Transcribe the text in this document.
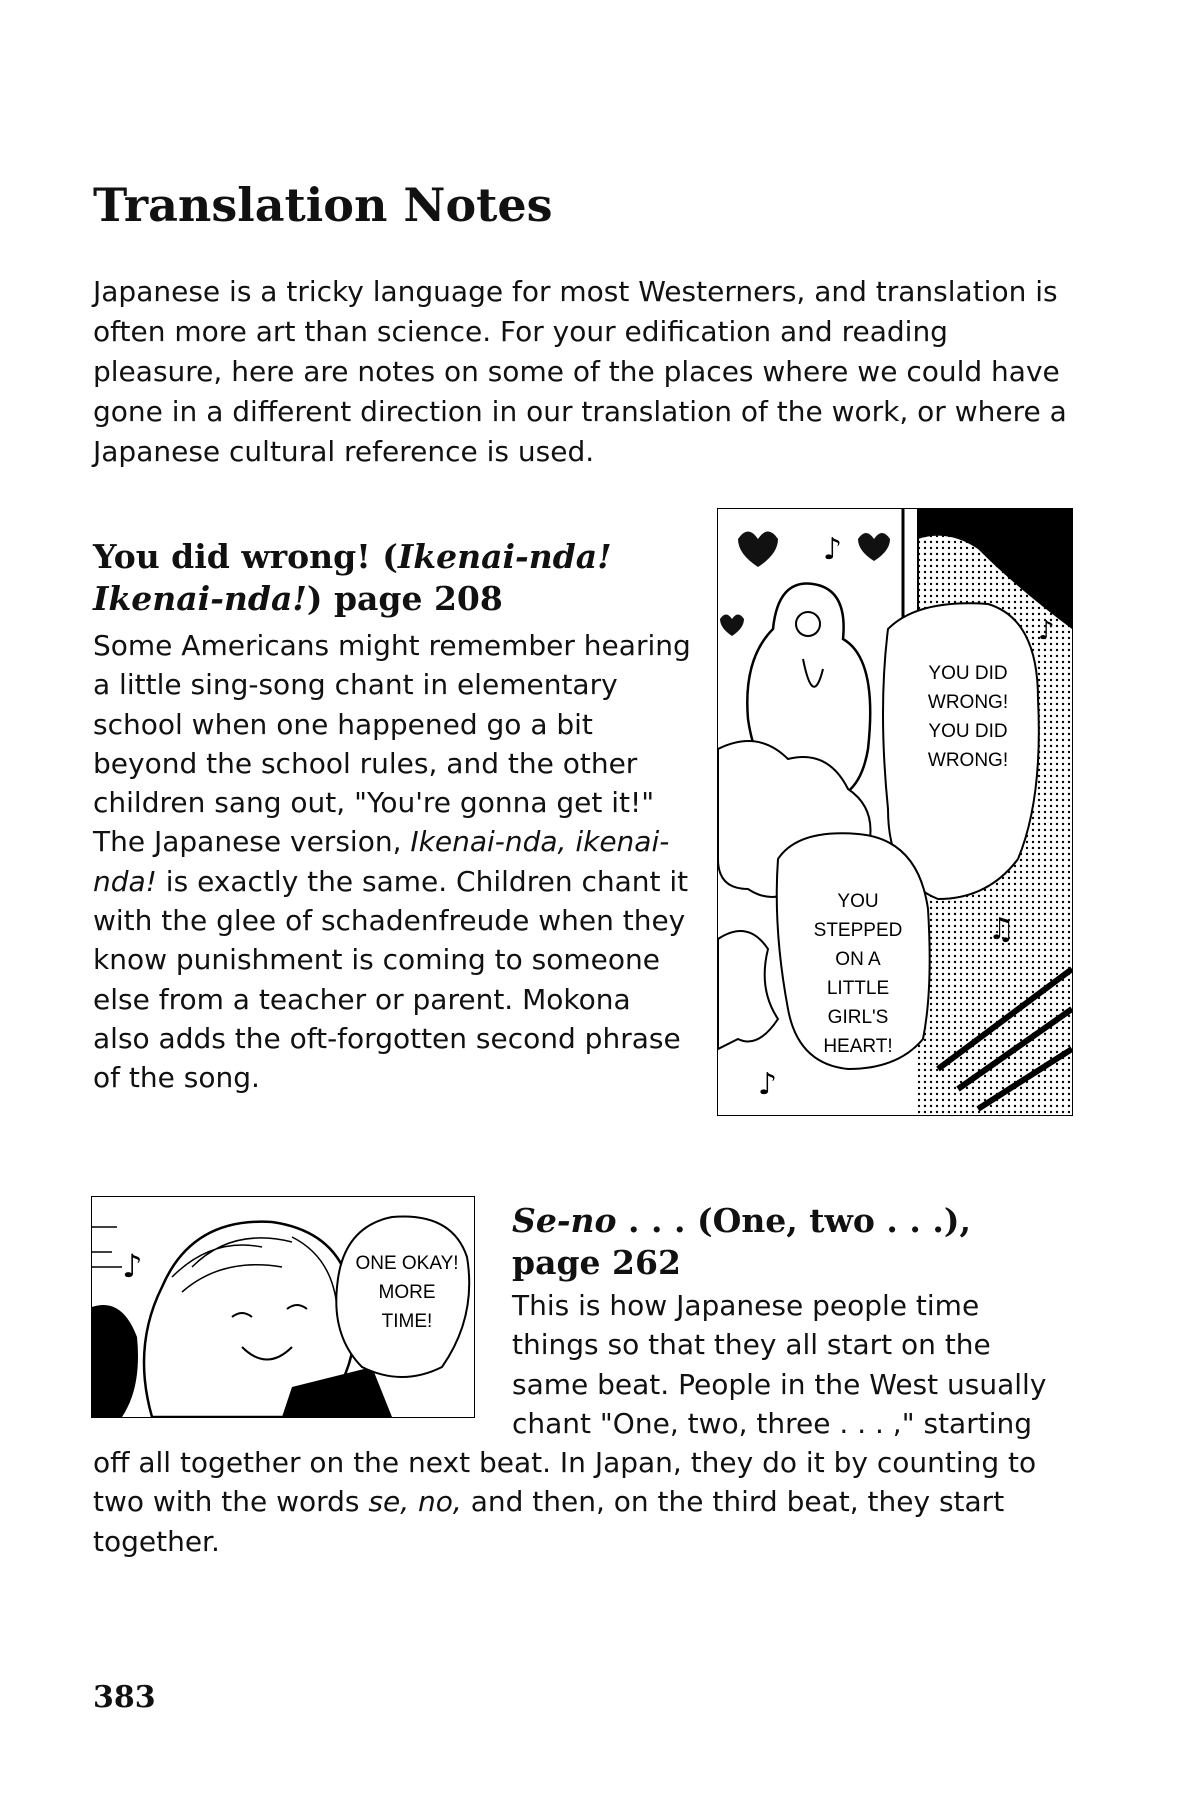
Translation Notes

Japanese is a tricky language for most Westerners, and translation is often more art than science. For your edification and reading pleasure, here are notes on some of the places where we could have gone in a different direction in our translation of the work, or where a Japanese cultural reference is used.

You did wrong! (Ikenai-nda!
Ikenai-nda!) page 208

Some Americans might remember hearing a little sing-song chant in elementary school when one happened go a bit beyond the school rules, and the other children sang out, "You're gonna get it!" The Japanese version, Ikenai-nda, ikenai-nda! is exactly the same. Children chant it with the glee of schadenfreude when they know punishment is coming to someone else from a teacher or parent. Mokona also adds the oft-forgotten second phrase of the song.

♪
♪
♫
♪
YOU DID
WRONG!
YOU DID
WRONG!
YOU
STEPPED
ON A
LITTLE
GIRL'S
HEART!
♪	ONE OKAY!
MORE
TIME!
Se-no . . . (One, two . . .),
page 262

This is how Japanese people time things so that they all start on the same beat. People in the West usually chant "One, two, three . . . ," starting

off all together on the next beat. In Japan, they do it by counting to two with the words se, no, and then, on the third beat, they start together.

383
